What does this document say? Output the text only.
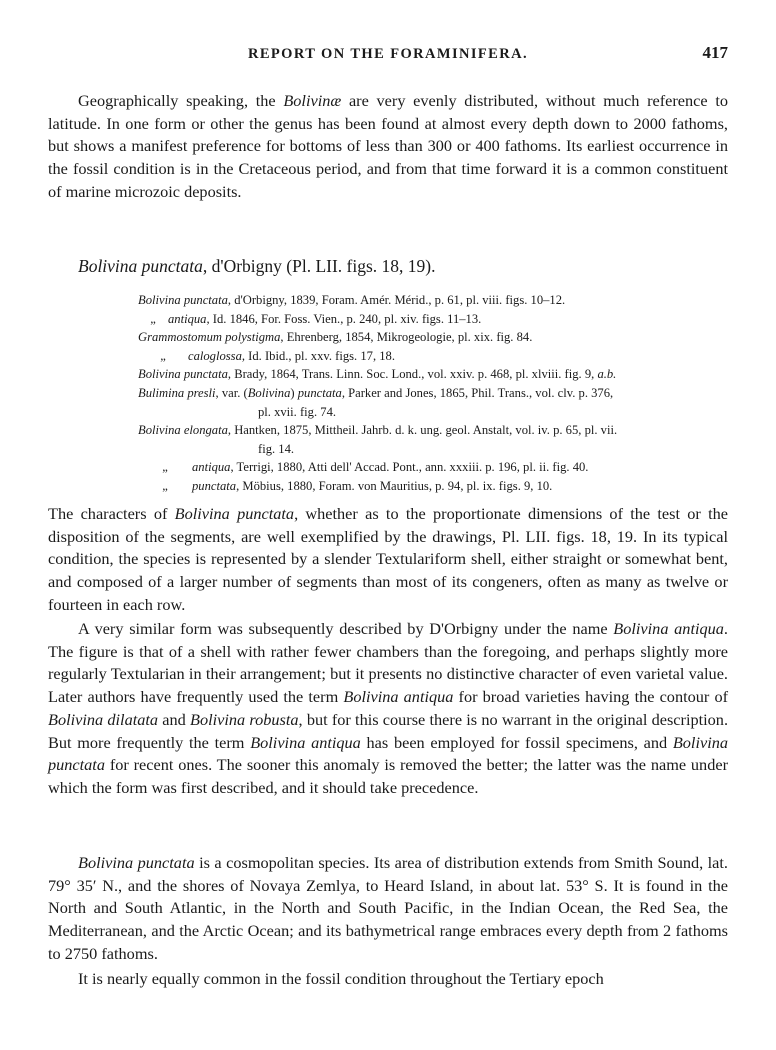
REPORT ON THE FORAMINIFERA.	417
Geographically speaking, the Bolivinæ are very evenly distributed, without much reference to latitude. In one form or other the genus has been found at almost every depth down to 2000 fathoms, but shows a manifest preference for bottoms of less than 300 or 400 fathoms. Its earliest occurrence in the fossil condition is in the Cretaceous period, and from that time forward it is a common constituent of marine microzoic deposits.
Bolivina punctata, d'Orbigny (Pl. LII. figs. 18, 19).
Bolivina punctata, d'Orbigny, 1839, Foram. Amér. Mérid., p. 61, pl. viii. figs. 10–12.
„ antiqua, Id. 1846, For. Foss. Vien., p. 240, pl. xiv. figs. 11–13.
Grammostomum polystigma, Ehrenberg, 1854, Mikrogeologie, pl. xix. fig. 84.
„ caloglossa, Id. Ibid., pl. xxv. figs. 17, 18.
Bolivina punctata, Brady, 1864, Trans. Linn. Soc. Lond., vol. xxiv. p. 468, pl. xlviii. fig. 9, a.b.
Bulimina presli, var. (Bolivina) punctata, Parker and Jones, 1865, Phil. Trans., vol. clv. p. 376,
pl. xvii. fig. 74.
Bolivina elongata, Hantken, 1875, Mittheil. Jahrb. d. k. ung. geol. Anstalt, vol. iv. p. 65, pl. vii.
fig. 14.
„ antiqua, Terrigi, 1880, Atti dell' Accad. Pont., ann. xxxiii. p. 196, pl. ii. fig. 40.
„ punctata, Möbius, 1880, Foram. von Mauritius, p. 94, pl. ix. figs. 9, 10.
The characters of Bolivina punctata, whether as to the proportionate dimensions of the test or the disposition of the segments, are well exemplified by the drawings, Pl. LII. figs. 18, 19. In its typical condition, the species is represented by a slender Textulariform shell, either straight or somewhat bent, and composed of a larger number of segments than most of its congeners, often as many as twelve or fourteen in each row.
A very similar form was subsequently described by D'Orbigny under the name Bolivina antiqua. The figure is that of a shell with rather fewer chambers than the foregoing, and perhaps slightly more regularly Textularian in their arrangement; but it presents no distinctive character of even varietal value. Later authors have frequently used the term Bolivina antiqua for broad varieties having the contour of Bolivina dilatata and Bolivina robusta, but for this course there is no warrant in the original description. But more frequently the term Bolivina antiqua has been employed for fossil specimens, and Bolivina punctata for recent ones. The sooner this anomaly is removed the better; the latter was the name under which the form was first described, and it should take precedence.
Bolivina punctata is a cosmopolitan species. Its area of distribution extends from Smith Sound, lat. 79° 35′ N., and the shores of Novaya Zemlya, to Heard Island, in about lat. 53° S. It is found in the North and South Atlantic, in the North and South Pacific, in the Indian Ocean, the Red Sea, the Mediterranean, and the Arctic Ocean; and its bathymetrical range embraces every depth from 2 fathoms to 2750 fathoms.
It is nearly equally common in the fossil condition throughout the Tertiary epoch
